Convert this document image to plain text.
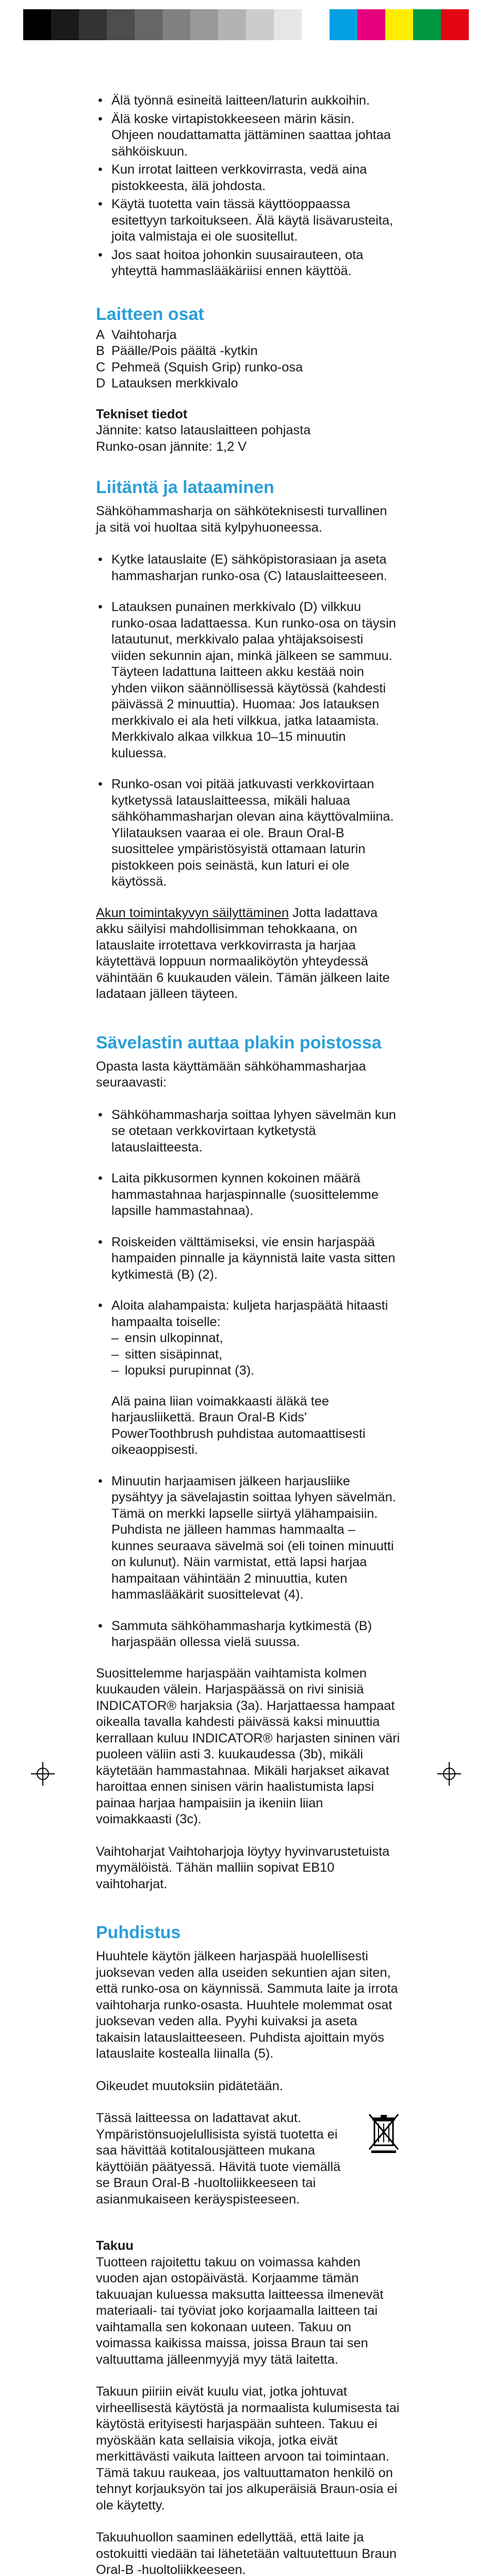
• Älä työnnä esineitä laitteen/laturin aukkoihin.
• Älä koske virtapistokkeeseen märin käsin. Ohjeen noudattamatta jättäminen saattaa johtaa sähköiskuun.
• Kun irrotat laitteen verkkovirrasta, vedä aina pistokkeesta, älä johdosta.
• Käytä tuotetta vain tässä käyttöoppaassa esitettyyn tarkoitukseen. Älä käytä lisävarusteita, joita valmistaja ei ole suositellut.
• Jos saat hoitoa johonkin suusairauteen, ota yhteyttä hammaslääkäriisi ennen käyttöä.
Laitteen osat
A Vaihtoharja
B Päälle/Pois päältä -kytkin
C Pehmeä (Squish Grip) runko-osa
D Latauksen merkkivalo
Tekniset tiedot
Jännite: katso latauslaitteen pohjasta
Runko-osan jännite: 1,2 V
Liitäntä ja lataaminen

Sähköhammasharja on sähköteknisesti turvallinen ja sitä voi huoltaa sitä kylpyhuoneessa.

• Kytke latauslaite (E) sähköpistorasiaan ja aseta hammasharjan runko-osa (C) latauslaitteeseen.
• Latauksen punainen merkkivalo (D) vilkkuu runko-osaa ladattaessa. Kun runko-osa on täysin latautunut, merkkivalo palaa yhtäjaksoisesti viiden sekunnin ajan, minkä jälkeen se sammuu. Täyteen ladattuna laitteen akku kestää noin yhden viikon säännöllisessä käytössä (kahdesti päivässä 2 minuuttia). Huomaa: Jos latauksen merkkivalo ei ala heti vilkkua, jatka lataamista. Merkkivalo alkaa vilkkua 10–15 minuutin kuluessa.
• Runko-osan voi pitää jatkuvasti verkkovirtaan kytketyssä latauslaitteessa, mikäli haluaa sähköhammasharjan olevan aina käyttövalmiina. Ylilatauksen vaaraa ei ole. Braun Oral-B suosittelee ympäristösyistä ottamaan laturin pistokkeen pois seinästä, kun laturi ei ole käytössä.

Akun toimintakyvyn säilyttäminen Jotta ladattava akku säilyisi mahdollisimman tehokkaana, on latauslaite irrotettava verkkovirrasta ja harjaa käytettävä loppuun normaaliköytön yhteydessä vähintään 6 kuukauden välein. Tämän jälkeen laite ladataan jälleen täyteen.

Sävelastin auttaa plakin poistossa

Opasta lasta käyttämään sähköhammasharjaa seuraavasti:

• Sähköhammasharja soittaa lyhyen sävelmän kun se otetaan verkkovirtaan kytketystä latauslaitteesta.
• Laita pikkusormen kynnen kokoinen määrä hammastahnaa harjaspinnalle (suosittelemme lapsille hammastahnaa).
• Roiskeiden välttämiseksi, vie ensin harjaspää hampaiden pinnalle ja käynnistä laite vasta sitten kytkimestä (B) (2).
• Aloita alahampaista: kuljeta harjaspäätä hitaasti hampaalta toiselle:
– ensin ulkopinnat,
– sitten sisäpinnat,
– lopuksi purupinnat (3).
Alä paina liian voimakkaasti äläkä tee harjausliikettä. Braun Oral-B Kids' PowerToothbrush puhdistaa automaattisesti oikeaoppisesti.
• Minuutin harjaamisen jälkeen harjausliike pysähtyy ja sävelajastin soittaa lyhyen sävelmän. Tämä on merkki lapselle siirtyä ylähampaisiin. Puhdista ne jälleen hammas hammaalta – kunnes seuraava sävelmä soi (eli toinen minuutti on kulunut). Näin varmistat, että lapsi harjaa hampaitaan vähintään 2 minuuttia, kuten hammaslääkärit suosittelevat (4).
• Sammuta sähköhammasharja kytkimestä (B) harjaspään ollessa vielä suussa.

Suosittelemme harjaspään vaihtamista kolmen kuukauden välein. Harjaspäässä on rivi sinisiä INDICATOR® harjaksia (3a). Harjattaessa hampaat oikealla tavalla kahdesti päivässä kaksi minuuttia kerrallaan kuluu INDICATOR® harjasten sininen väri puoleen väliin asti 3. kuukaudessa (3b), mikäli käytetään hammastahnaa. Mikäli harjakset aikavat haroittaa ennen sinisen värin haalistumista lapsi painaa harjaa hampaisiin ja ikeniin liian voimakkaasti (3c).

Vaihtoharjat Vaihtoharjoja löytyy hyvinvarustetuista myymälöistä. Tähän malliin sopivat EB10 vaihtoharjat.

Puhdistus

Huuhtele käytön jälkeen harjaspää huolellisesti juoksevan veden alla useiden sekuntien ajan siten, että runko-osa on käynnissä. Sammuta laite ja irrota vaihtoharja runko-osasta. Huuhtele molemmat osat juoksevan veden alla. Pyyhi kuivaksi ja aseta takaisin latauslaitteeseen. Puhdista ajoittain myös latauslaite kostealla liinalla (5).

Oikeudet muutoksiin pidätetään.

Tässä laitteessa on ladattavat akut. Ympäristönsuojelullisista syistä tuotetta ei saa hävittää kotitalousjätteen mukana käyttöiän päätyessä. Hävitä tuote viemällä se Braun Oral-B -huoltoliikkeeseen tai asianmukaiseen keräyspisteeseen.

Takuu

Tuotteen rajoitettu takuu on voimassa kahden vuoden ajan ostopäivästä. Korjaamme tämän takuuajan kuluessa maksutta laitteessa ilmenevät materiaali- tai työviat joko korjaamalla laitteen tai vaihtamalla sen kokonaan uuteen. Takuu on voimassa kaikissa maissa, joissa Braun tai sen valtuuttama jälleenmyyjä myy tätä laitetta.

Takuun piiriin eivät kuulu viat, jotka johtuvat virheellisestä käytöstä ja normaalista kulumisesta tai käytöstä erityisesti harjaspään suhteen. Takuu ei myöskään kata sellaisia vikoja, jotka eivät merkittävästi vaikuta laitteen arvoon tai toimintaan. Tämä takuu raukeaa, jos valtuuttamaton henkilö on tehnyt korjauksyön tai jos alkuperäisiä Braun-osia ei ole käytetty.

Takuuhuollon saaminen edellyttää, että laite ja ostokuitti viedään tai lähetetään valtuutettuun Braun Oral-B -huoltoliikkeeseen.
